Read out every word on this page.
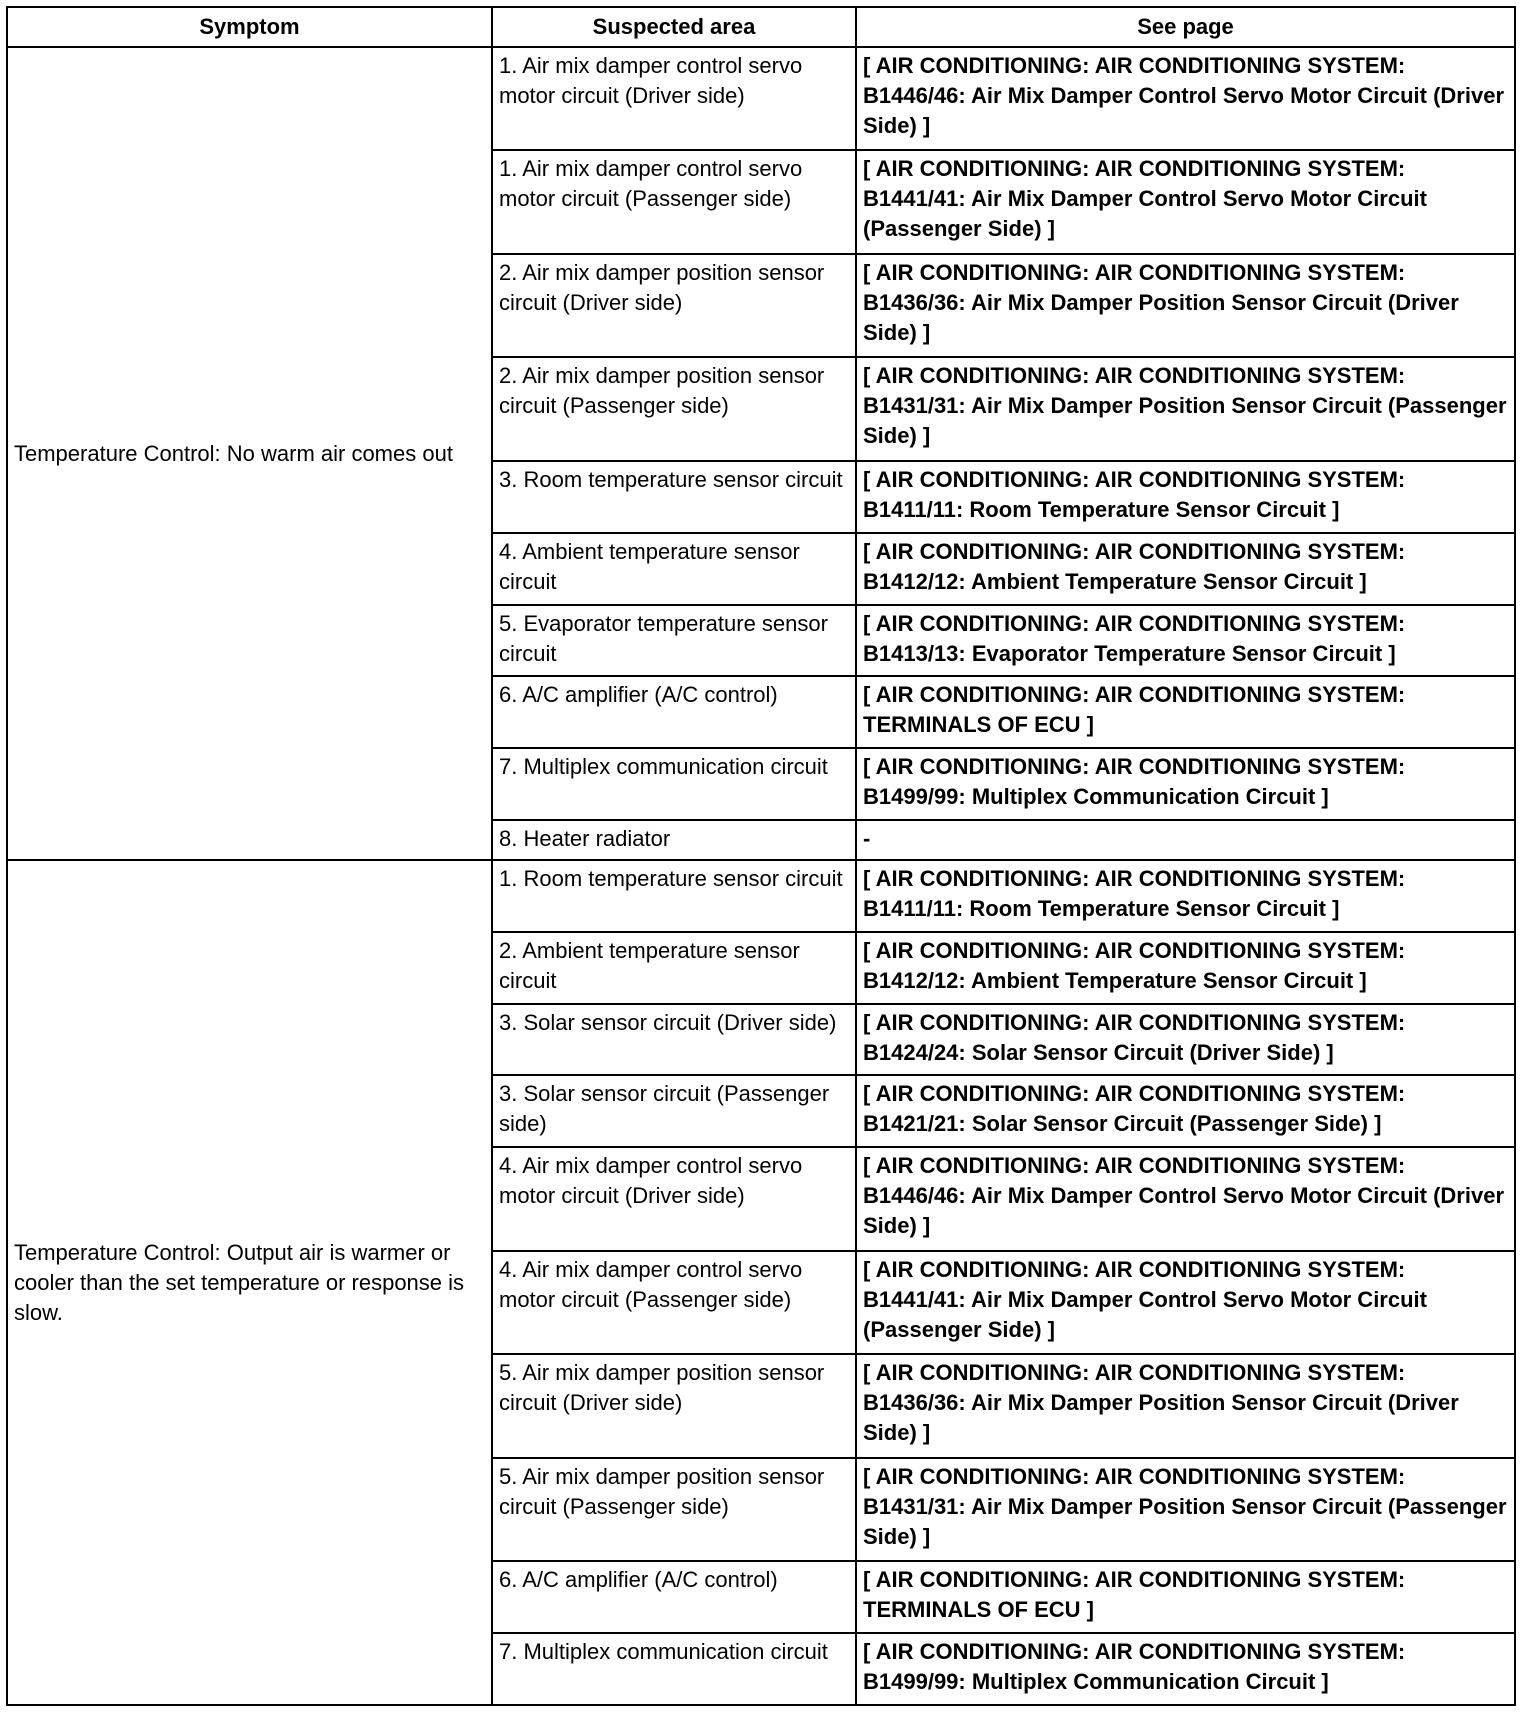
Symptom	Suspected area	See page
Temperature Control: No warm air comes out	1. Air mix damper control servo motor circuit (Driver side)	[ AIR CONDITIONING: AIR CONDITIONING SYSTEM: B1446/46: Air Mix Damper Control Servo Motor Circuit (Driver Side) ]
	1. Air mix damper control servo motor circuit (Passenger side)	[ AIR CONDITIONING: AIR CONDITIONING SYSTEM: B1441/41: Air Mix Damper Control Servo Motor Circuit (Passenger Side) ]
	2. Air mix damper position sensor circuit (Driver side)	[ AIR CONDITIONING: AIR CONDITIONING SYSTEM: B1436/36: Air Mix Damper Position Sensor Circuit (Driver Side) ]
	2. Air mix damper position sensor circuit (Passenger side)	[ AIR CONDITIONING: AIR CONDITIONING SYSTEM: B1431/31: Air Mix Damper Position Sensor Circuit (Passenger Side) ]
	3. Room temperature sensor circuit	[ AIR CONDITIONING: AIR CONDITIONING SYSTEM: B1411/11: Room Temperature Sensor Circuit ]
	4. Ambient temperature sensor circuit	[ AIR CONDITIONING: AIR CONDITIONING SYSTEM: B1412/12: Ambient Temperature Sensor Circuit ]
	5. Evaporator temperature sensor circuit	[ AIR CONDITIONING: AIR CONDITIONING SYSTEM: B1413/13: Evaporator Temperature Sensor Circuit ]
	6. A/C amplifier (A/C control)	[ AIR CONDITIONING: AIR CONDITIONING SYSTEM: TERMINALS OF ECU ]
	7. Multiplex communication circuit	[ AIR CONDITIONING: AIR CONDITIONING SYSTEM: B1499/99: Multiplex Communication Circuit ]
	8. Heater radiator	-
Temperature Control: Output air is warmer or cooler than the set temperature or response is slow.	1. Room temperature sensor circuit	[ AIR CONDITIONING: AIR CONDITIONING SYSTEM: B1411/11: Room Temperature Sensor Circuit ]
	2. Ambient temperature sensor circuit	[ AIR CONDITIONING: AIR CONDITIONING SYSTEM: B1412/12: Ambient Temperature Sensor Circuit ]
	3. Solar sensor circuit (Driver side)	[ AIR CONDITIONING: AIR CONDITIONING SYSTEM: B1424/24: Solar Sensor Circuit (Driver Side) ]
	3. Solar sensor circuit (Passenger side)	[ AIR CONDITIONING: AIR CONDITIONING SYSTEM: B1421/21: Solar Sensor Circuit (Passenger Side) ]
	4. Air mix damper control servo motor circuit (Driver side)	[ AIR CONDITIONING: AIR CONDITIONING SYSTEM: B1446/46: Air Mix Damper Control Servo Motor Circuit (Driver Side) ]
	4. Air mix damper control servo motor circuit (Passenger side)	[ AIR CONDITIONING: AIR CONDITIONING SYSTEM: B1441/41: Air Mix Damper Control Servo Motor Circuit (Passenger Side) ]
	5. Air mix damper position sensor circuit (Driver side)	[ AIR CONDITIONING: AIR CONDITIONING SYSTEM: B1436/36: Air Mix Damper Position Sensor Circuit (Driver Side) ]
	5. Air mix damper position sensor circuit (Passenger side)	[ AIR CONDITIONING: AIR CONDITIONING SYSTEM: B1431/31: Air Mix Damper Position Sensor Circuit (Passenger Side) ]
	6. A/C amplifier (A/C control)	[ AIR CONDITIONING: AIR CONDITIONING SYSTEM: TERMINALS OF ECU ]
	7. Multiplex communication circuit	[ AIR CONDITIONING: AIR CONDITIONING SYSTEM: B1499/99: Multiplex Communication Circuit ]
